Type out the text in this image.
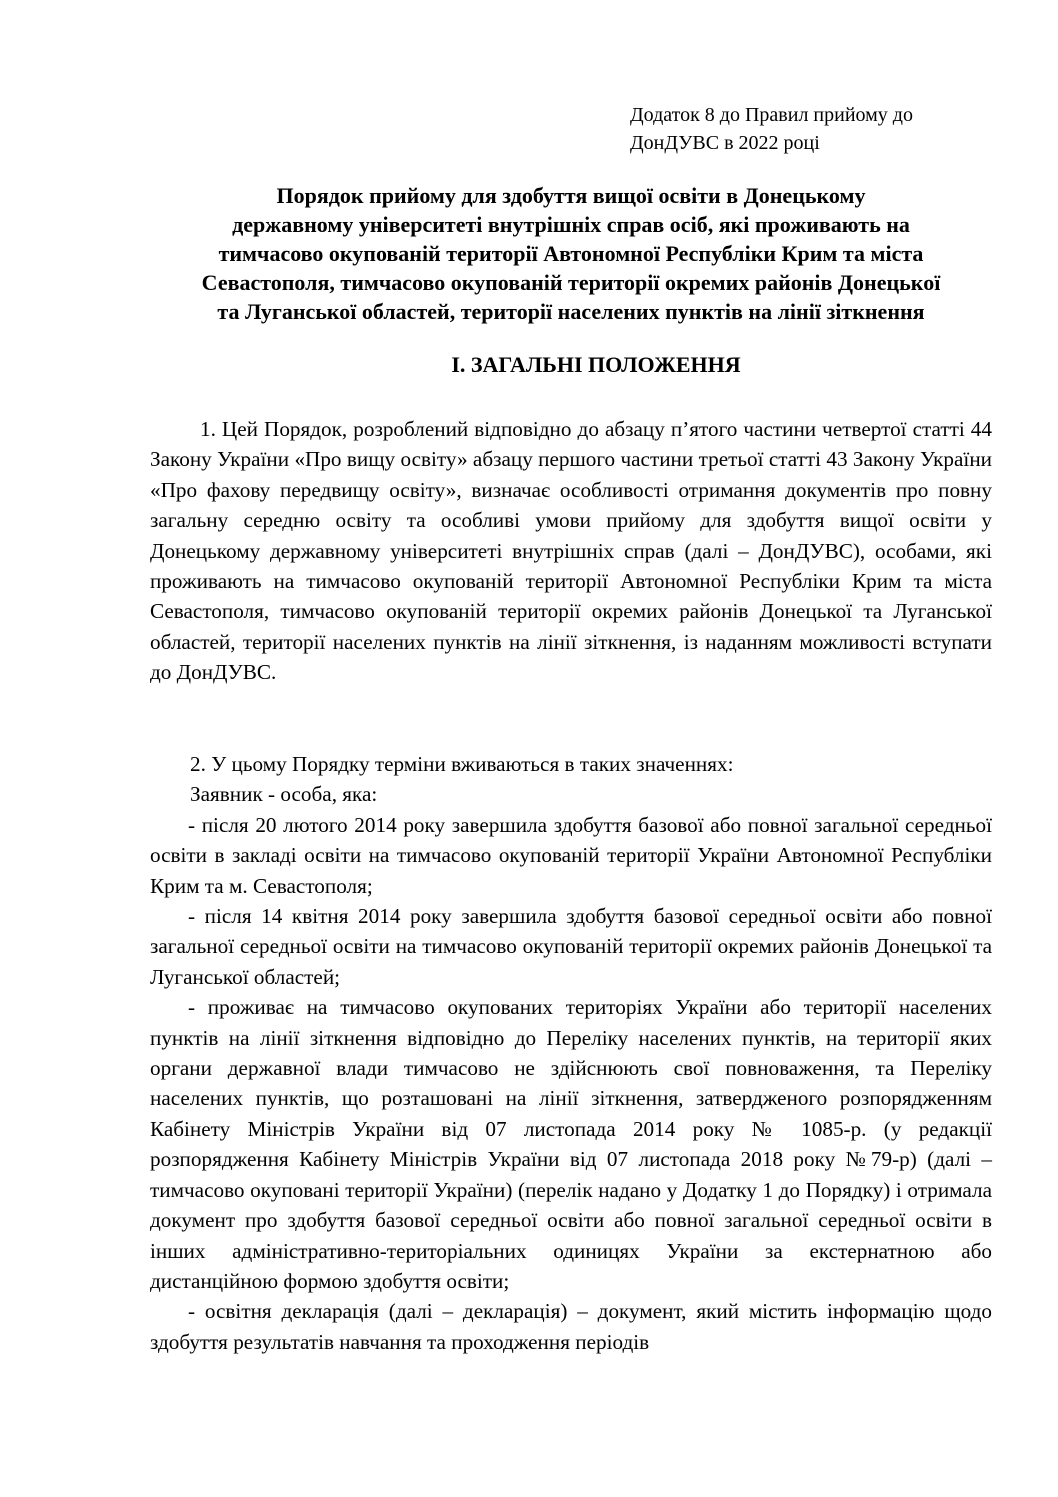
Додаток 8 до Правил прийому до
ДонДУВС в 2022 році
Порядок прийому для здобуття вищої освіти в Донецькому
державному університеті внутрішніх справ осіб, які проживають на
тимчасово окупованій території Автономної Республіки Крим та міста
Севастополя, тимчасово окупованій території окремих районів Донецької
та Луганської областей, території населених пунктів на лінії зіткнення
І. ЗАГАЛЬНІ ПОЛОЖЕННЯ
1. Цей Порядок, розроблений відповідно до абзацу п’ятого частини четвертої статті 44 Закону України «Про вищу освіту» абзацу першого частини третьої статті 43 Закону України «Про фахову передвищу освіту», визначає особливості отримання документів про повну загальну середню освіту та особливі умови прийому для здобуття вищої освіти у Донецькому державному університеті внутрішніх справ (далі – ДонДУВС), особами, які проживають на тимчасово окупованій території Автономної Республіки Крим та міста Севастополя, тимчасово окупованій території окремих районів Донецької та Луганської областей, території населених пунктів на лінії зіткнення, із наданням можливості вступати до ДонДУВС.

2. У цьому Порядку терміни вживаються в таких значеннях:

Заявник - особа, яка:

- після 20 лютого 2014 року завершила здобуття базової або повної загальної середньої освіти в закладі освіти на тимчасово окупованій території України Автономної Республіки Крим та м. Севастополя;

- після 14 квітня 2014 року завершила здобуття базової середньої освіти або повної загальної середньої освіти на тимчасово окупованій території окремих районів Донецької та Луганської областей;

- проживає на тимчасово окупованих територіях України або території населених пунктів на лінії зіткнення відповідно до Переліку населених пунктів, на території яких органи державної влади тимчасово не здійснюють свої повноваження, та Переліку населених пунктів, що розташовані на лінії зіткнення, затвердженого розпорядженням Кабінету Міністрів України від 07 листопада 2014 року № 1085-р. (у редакції розпорядження Кабінету Міністрів України від 07 листопада 2018 року №79-р) (далі – тимчасово окуповані території України) (перелік надано у Додатку 1 до Порядку) і отримала документ про здобуття базової середньої освіти або повної загальної середньої освіти в інших адміністративно-територіальних одиницях України за екстернатною або дистанційною формою здобуття освіти;

- освітня декларація (далі – декларація) – документ, який містить інформацію щодо здобуття результатів навчання та проходження періодів
